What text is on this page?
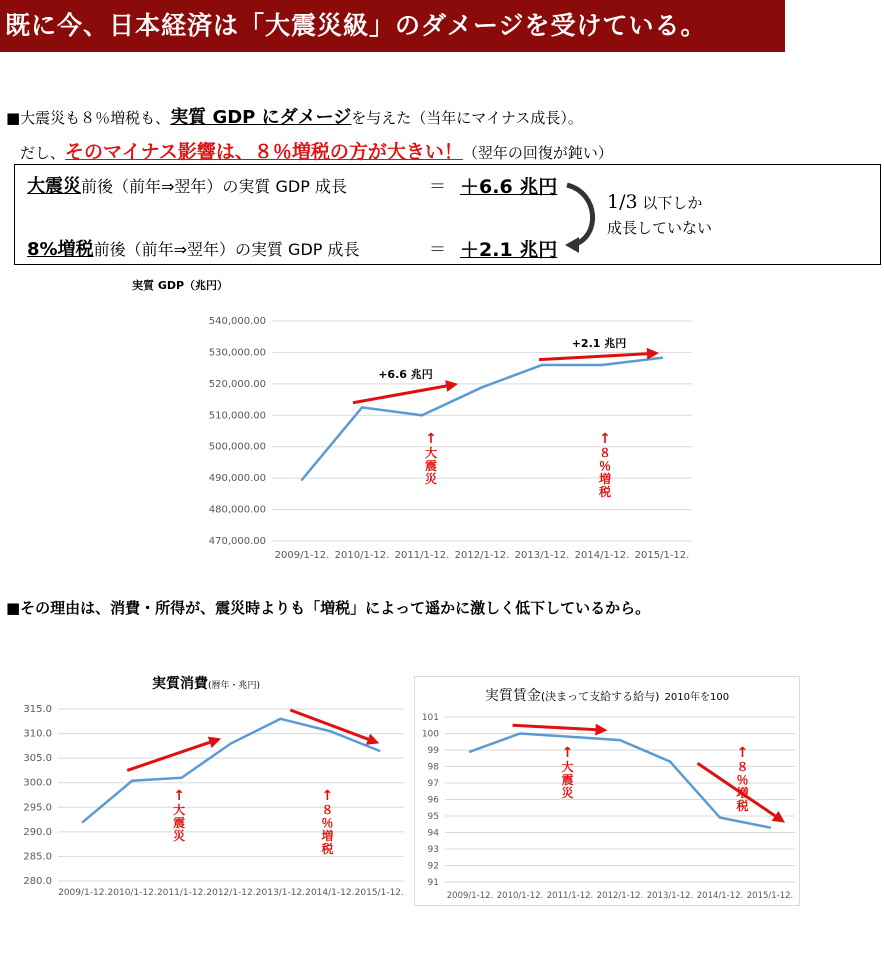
既に今、日本経済は「大震災級」のダメージを受けている。
■大震災も８％増税も、実質 GDP にダメージを与えた（当年にマイナス成長）。
だし、そのマイナス影響は、８％増税の方が大きい！（翌年の回復が鈍い）
大震災前後（前年⇒翌年）の実質 GDP 成長	＝ ＋6.6 兆円
8%増税前後（前年⇒翌年）の実質 GDP 成長	＝ ＋2.1 兆円
1/3 以下しか
成長していない
実質 GDP（兆円）
470,000.00
480,000.00
490,000.00
500,000.00
510,000.00
520,000.00
530,000.00
540,000.00
2009/1-12. 2010/1-12. 2011/1-12. 2012/1-12. 2013/1-12. 2014/1-12. 2015/1-12.
+6.6 兆円
+2.1 兆円
↑
大
震
災
↑
８
％
増
税
■その理由は、消費・所得が、震災時よりも「増税」によって遥かに激しく低下しているから。
実質消費(暦年・兆円)
280.0
285.0
290.0
295.0
300.0
305.0
310.0
315.0
2009/1-12. 2010/1-12. 2011/1-12. 2012/1-12. 2013/1-12. 2014/1-12. 2015/1-12.
↑
大
震
災
↑
８
％
増
税
実質賃金(決まって支給する給与) 2010年を100
91
92
93
94
95
96
97
98
99
100
101
2009/1-12. 2010/1-12. 2011/1-12. 2012/1-12. 2013/1-12. 2014/1-12. 2015/1-12.
↑
大
震
災
↑
８
％
増
税
